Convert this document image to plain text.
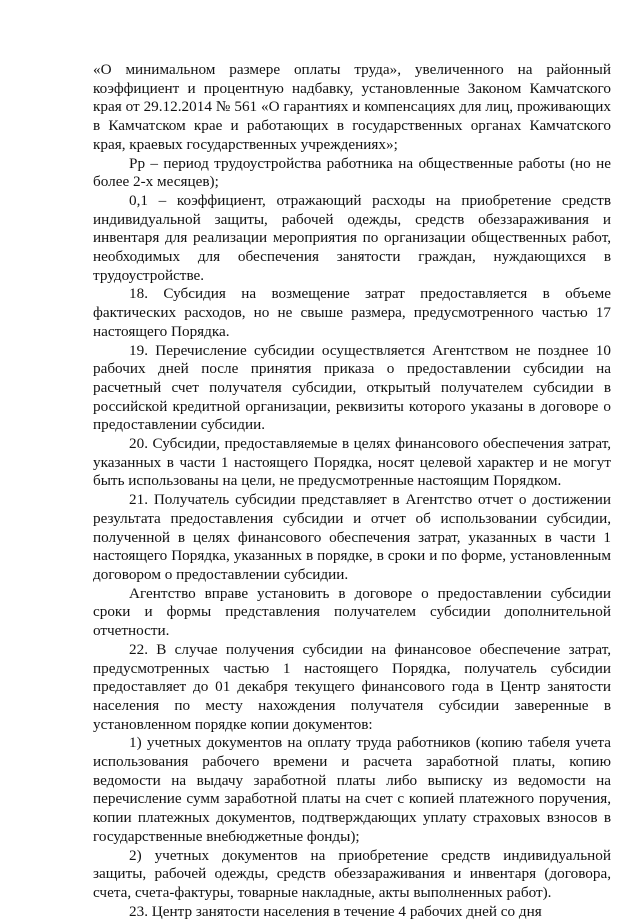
«О минимальном размере оплаты труда», увеличенного на районный коэффициент и процентную надбавку, установленные Законом Камчатского края от 29.12.2014 № 561 «О гарантиях и компенсациях для лиц, проживающих в Камчатском крае и работающих в государственных органах Камчатского края, краевых государственных учреждениях»;

Рр – период трудоустройства работника на общественные работы (но не более 2-х месяцев);

0,1 – коэффициент, отражающий расходы на приобретение средств индивидуальной защиты, рабочей одежды, средств обеззараживания и инвентаря для реализации мероприятия по организации общественных работ, необходимых для обеспечения занятости граждан, нуждающихся в трудоустройстве.

18. Субсидия на возмещение затрат предоставляется в объеме фактических расходов, но не свыше размера, предусмотренного частью 17 настоящего Порядка.

19. Перечисление субсидии осуществляется Агентством не позднее 10 рабочих дней после принятия приказа о предоставлении субсидии на расчетный счет получателя субсидии, открытый получателем субсидии в российской кредитной организации, реквизиты которого указаны в договоре о предоставлении субсидии.

20. Субсидии, предоставляемые в целях финансового обеспечения затрат, указанных в части 1 настоящего Порядка, носят целевой характер и не могут быть использованы на цели, не предусмотренные настоящим Порядком.

21. Получатель субсидии представляет в Агентство отчет о достижении результата предоставления субсидии и отчет об использовании субсидии, полученной в целях финансового обеспечения затрат, указанных в части 1 настоящего Порядка, указанных в порядке, в сроки и по форме, установленным договором о предоставлении субсидии.

Агентство вправе установить в договоре о предоставлении субсидии сроки и формы представления получателем субсидии дополнительной отчетности.

22. В случае получения субсидии на финансовое обеспечение затрат, предусмотренных частью 1 настоящего Порядка, получатель субсидии предоставляет до 01 декабря текущего финансового года в Центр занятости населения по месту нахождения получателя субсидии заверенные в установленном порядке копии документов:

1) учетных документов на оплату труда работников (копию табеля учета использования рабочего времени и расчета заработной платы, копию ведомости на выдачу заработной платы либо выписку из ведомости на перечисление сумм заработной платы на счет с копией платежного поручения, копии платежных документов, подтверждающих уплату страховых взносов в государственные внебюджетные фонды);

2) учетных документов на приобретение средств индивидуальной защиты, рабочей одежды, средств обеззараживания и инвентаря (договора, счета, счета-фактуры, товарные накладные, акты выполненных работ).

23. Центр занятости населения в течение 4 рабочих дней со дня
